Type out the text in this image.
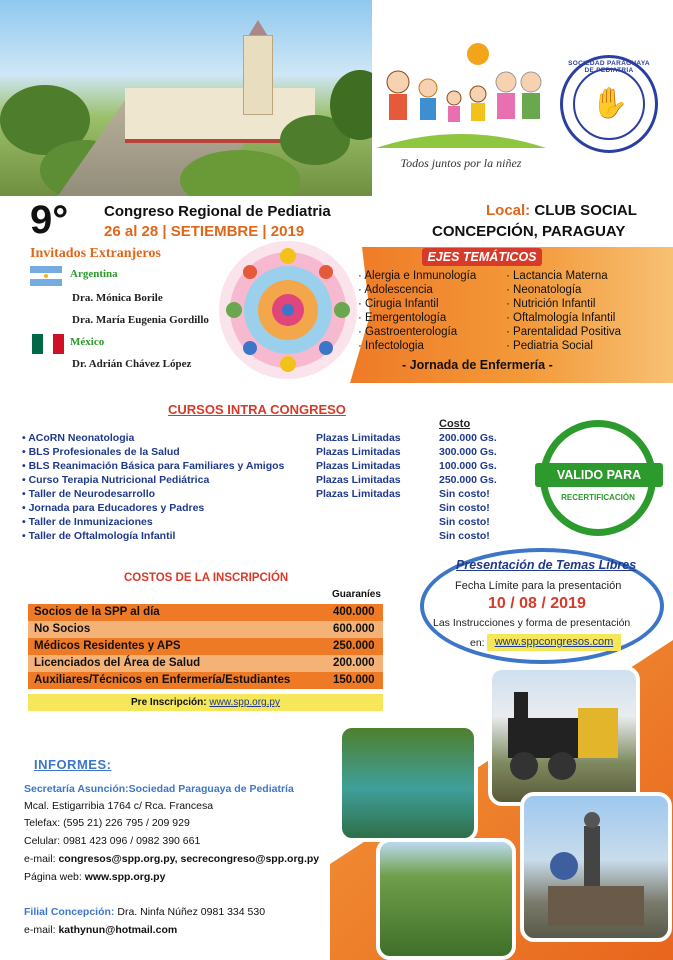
Todos juntos por la niñez
SOCIEDAD PARAGUAYA DE PEDIATRIA
✋
9° Congreso Regional de Pediatria
26 al 28 | SETIEMBRE | 2019
Local: CLUB SOCIAL
CONCEPCIÓN, PARAGUAY
Invitados Extranjeros
Argentina
Dra. Mónica Borile
Dra. María Eugenia Gordillo
México
Dr. Adrián Chávez López
EJES TEMÁTICOS
· Alergia e Inmunología
· Adolescencia
· Cirugia Infantil
· Emergentología
· Gastroenterología
· Infectologia
· Lactancia Materna
· Neonatología
· Nutrición Infantil
· Oftalmología Infantil
· Parentalidad Positiva
· Pediatria Social
- Jornada de Enfermería -
CURSOS INTRA CONGRESO
Costo
• ACoRN Neonatologia	Plazas Limitadas	200.000 Gs.
• BLS Profesionales de la Salud	Plazas Limitadas	300.000 Gs.
• BLS Reanimación Básica para Familiares y Amigos	Plazas Limitadas	100.000 Gs.
• Curso Terapia Nutricional Pediátrica	Plazas Limitadas	250.000 Gs.
• Taller de Neurodesarrollo	Plazas Limitadas	Sin costo!
• Jornada para Educadores y Padres	Sin costo!
• Taller de Inmunizaciones	Sin costo!
• Taller de Oftalmología Infantil	Sin costo!
VALIDO PARA
RECERTIFICACIÓN
COSTOS DE LA INSCRIPCIÓN
Guaraníes
Socios de la SPP al día	400.000
No Socios	600.000
Médicos Residentes y APS	250.000
Licenciados del Área de Salud	200.000
Auxiliares/Técnicos en Enfermería/Estudiantes	150.000
Pre Inscripción: www.spp.org.py
Presentación de Temas Libres
Fecha Límite para la presentación
10 / 08 / 2019
Las Instrucciones y forma de presentación
en: www.sppcongresos.com
INFORMES:
Secretaría Asunción:Sociedad Paraguaya de Pediatría
Mcal. Estigarribia 1764 c/ Rca. Francesa
Telefax: (595 21) 226 795 / 209 929
Celular: 0981 423 096 / 0982 390 661
e-mail: congresos@spp.org.py, secrecongreso@spp.org.py
Página web: www.spp.org.py
Filial Concepción: Dra. Ninfa Núñez 0981 334 530
e-mail: kathynun@hotmail.com
